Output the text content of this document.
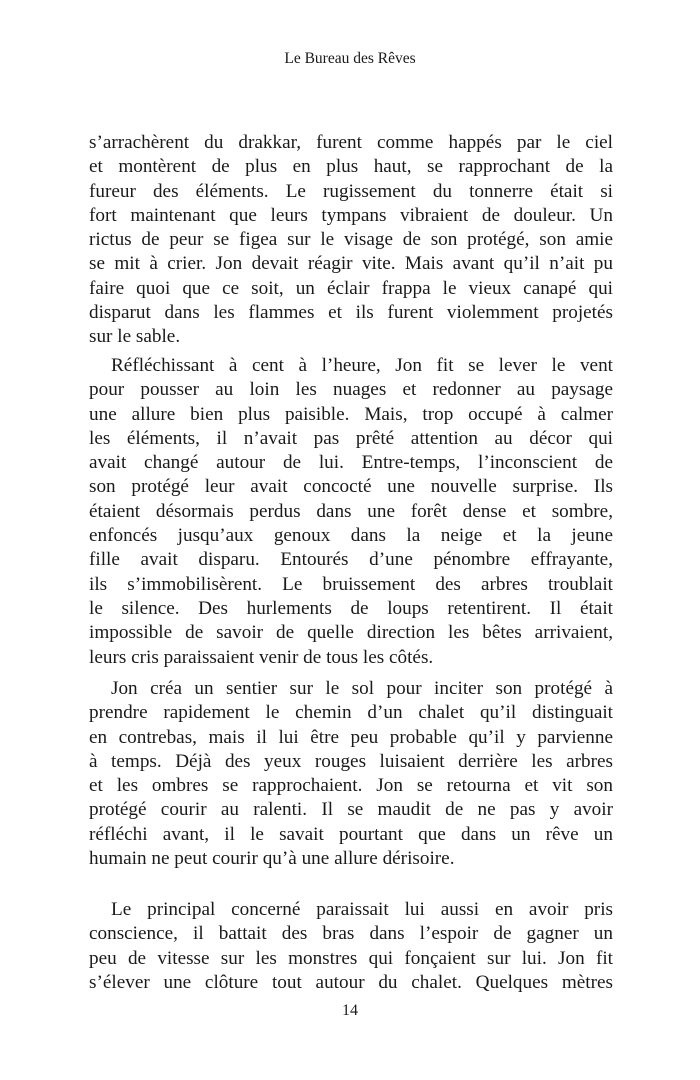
Le Bureau des Rêves
s’arrachèrent du drakkar, furent comme happés par le ciel
et montèrent de plus en plus haut, se rapprochant de la
fureur des éléments. Le rugissement du tonnerre était si
fort maintenant que leurs tympans vibraient de douleur. Un
rictus de peur se figea sur le visage de son protégé, son amie
se mit à crier. Jon devait réagir vite. Mais avant qu’il n’ait pu
faire quoi que ce soit, un éclair frappa le vieux canapé qui
disparut dans les flammes et ils furent violemment projetés
sur le sable.
Réfléchissant à cent à l’heure, Jon fit se lever le vent
pour pousser au loin les nuages et redonner au paysage
une allure bien plus paisible. Mais, trop occupé à calmer
les éléments, il n’avait pas prêté attention au décor qui
avait changé autour de lui. Entre-temps, l’inconscient de
son protégé leur avait concocté une nouvelle surprise. Ils
étaient désormais perdus dans une forêt dense et sombre,
enfoncés jusqu’aux genoux dans la neige et la jeune
fille avait disparu. Entourés d’une pénombre effrayante,
ils s’immobilisèrent. Le bruissement des arbres troublait
le silence. Des hurlements de loups retentirent. Il était
impossible de savoir de quelle direction les bêtes arrivaient,
leurs cris paraissaient venir de tous les côtés.
Jon créa un sentier sur le sol pour inciter son protégé à
prendre rapidement le chemin d’un chalet qu’il distinguait
en contrebas, mais il lui être peu probable qu’il y parvienne
à temps. Déjà des yeux rouges luisaient derrière les arbres
et les ombres se rapprochaient. Jon se retourna et vit son
protégé courir au ralenti. Il se maudit de ne pas y avoir
réfléchi avant, il le savait pourtant que dans un rêve un
humain ne peut courir qu’à une allure dérisoire.
Le principal concerné paraissait lui aussi en avoir pris
conscience, il battait des bras dans l’espoir de gagner un
peu de vitesse sur les monstres qui fonçaient sur lui. Jon fit
s’élever une clôture tout autour du chalet. Quelques mètres
14
